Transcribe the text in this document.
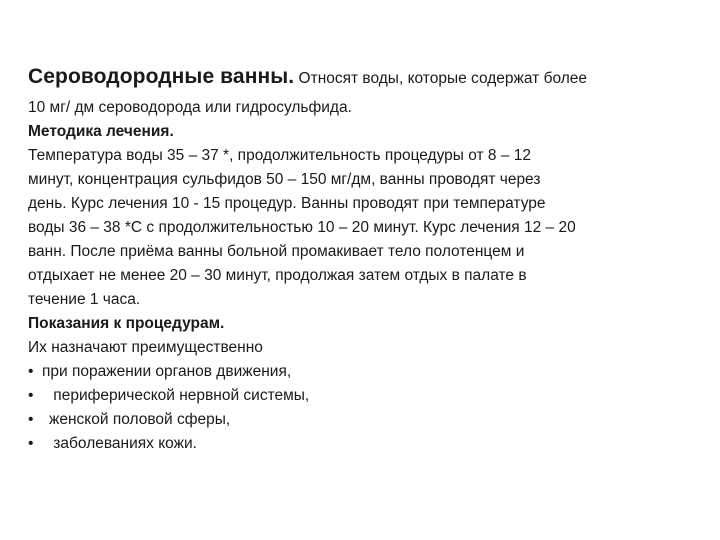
Сероводородные ванны. Относят воды, которые содержат более
10 мг/ дм сероводорода или гидросульфида.
Методика лечения.
Температура воды 35 – 37 *, продолжительность процедуры от 8 – 12
минут, концентрация сульфидов 50 – 150 мг/дм, ванны проводят через
день. Курс лечения 10 - 15 процедур. Ванны проводят при температуре
воды 36 – 38 *С с продолжительностью 10 – 20 минут. Курс лечения 12 – 20
ванн. После приёма ванны больной промакивает тело полотенцем и
отдыхает не менее 20 – 30 минут, продолжая затем отдых в палате в
течение 1 часа.
Показания к процедурам.
Их назначают преимущественно
• при поражении органов движения,
• периферической нервной системы,
• женской половой сферы,
• заболеваниях кожи.
